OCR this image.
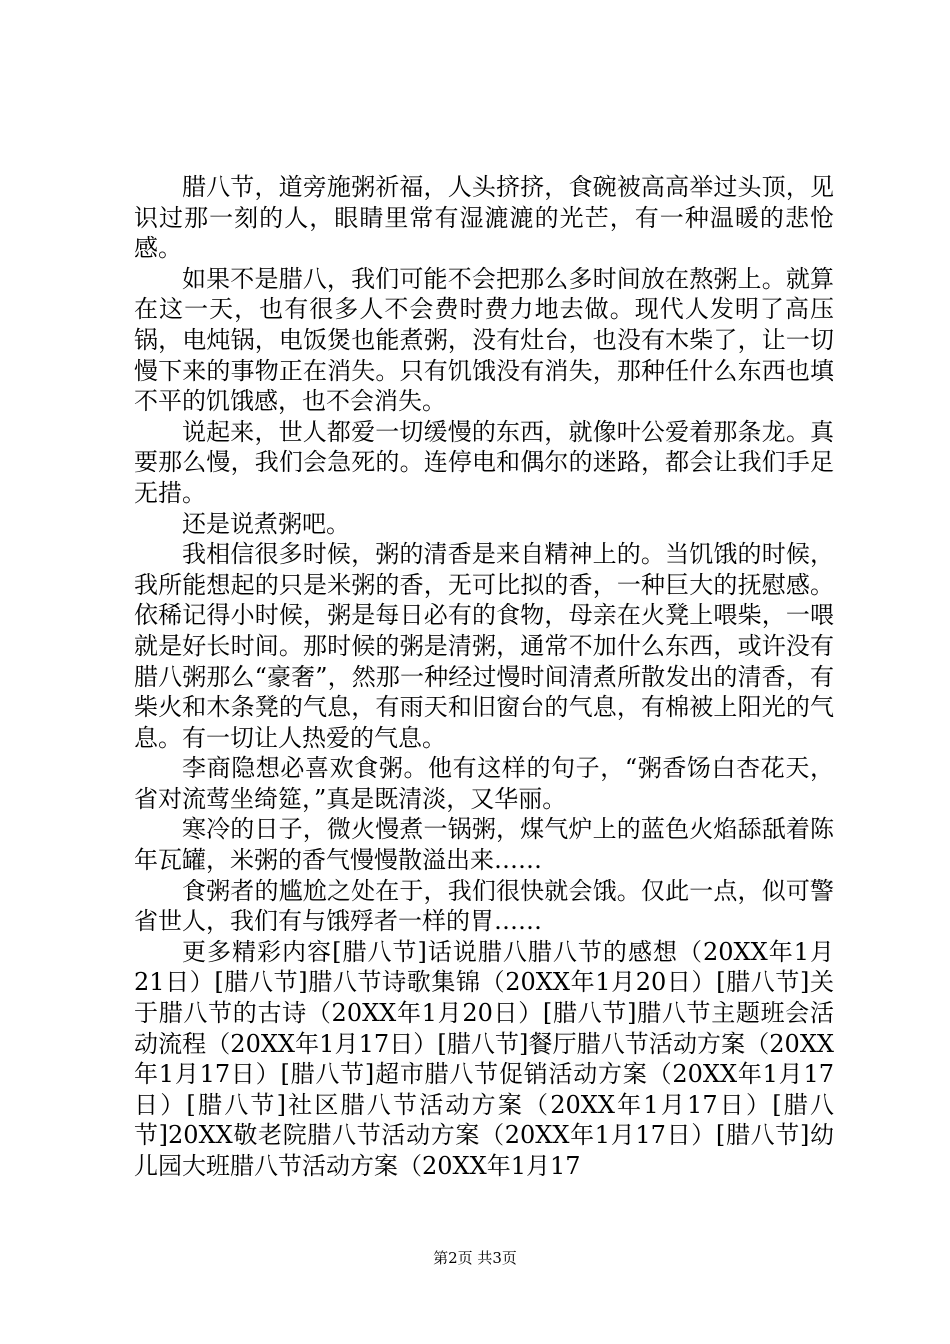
腊八节，道旁施粥祈福，人头挤挤，食碗被高高举过头顶，见识过那一刻的人，眼睛里常有湿漉漉的光芒，有一种温暖的悲怆感。

如果不是腊八，我们可能不会把那么多时间放在熬粥上。就算在这一天，也有很多人不会费时费力地去做。现代人发明了高压锅，电炖锅，电饭煲也能煮粥，没有灶台，也没有木柴了，让一切慢下来的事物正在消失。只有饥饿没有消失，那种任什么东西也填不平的饥饿感，也不会消失。

说起来，世人都爱一切缓慢的东西，就像叶公爱着那条龙。真要那么慢，我们会急死的。连停电和偶尔的迷路，都会让我们手足无措。

还是说煮粥吧。

我相信很多时候，粥的清香是来自精神上的。当饥饿的时候，我所能想起的只是米粥的香，无可比拟的香，一种巨大的抚慰感。依稀记得小时候，粥是每日必有的食物，母亲在火凳上喂柴，一喂就是好长时间。那时候的粥是清粥，通常不加什么东西，或许没有腊八粥那么“豪奢”，然那一种经过慢时间清煮所散发出的清香，有柴火和木条凳的气息，有雨天和旧窗台的气息，有棉被上阳光的气息。有一切让人热爱的气息。

李商隐想必喜欢食粥。他有这样的句子，“粥香饧白杏花天，省对流莺坐绮筵，”真是既清淡，又华丽。

寒冷的日子，微火慢煮一锅粥，煤气炉上的蓝色火焰舔舐着陈年瓦罐，米粥的香气慢慢散溢出来……

食粥者的尴尬之处在于，我们很快就会饿。仅此一点，似可警省世人，我们有与饿殍者一样的胃……

更多精彩内容[腊八节]话说腊八腊八节的感想（20XX年1月21日）[腊八节]腊八节诗歌集锦（20XX年1月20日）[腊八节]关于腊八节的古诗（20XX年1月20日）[腊八节]腊八节主题班会活动流程（20XX年1月17日）[腊八节]餐厅腊八节活动方案（20XX年1月17日）[腊八节]超市腊八节促销活动方案（20XX年1月17日）[腊八节]社区腊八节活动方案（20XX年1月17日）[腊八节]20XX敬老院腊八节活动方案（20XX年1月17日）[腊八节]幼儿园大班腊八节活动方案（20XX年1月17

第2页 共3页
